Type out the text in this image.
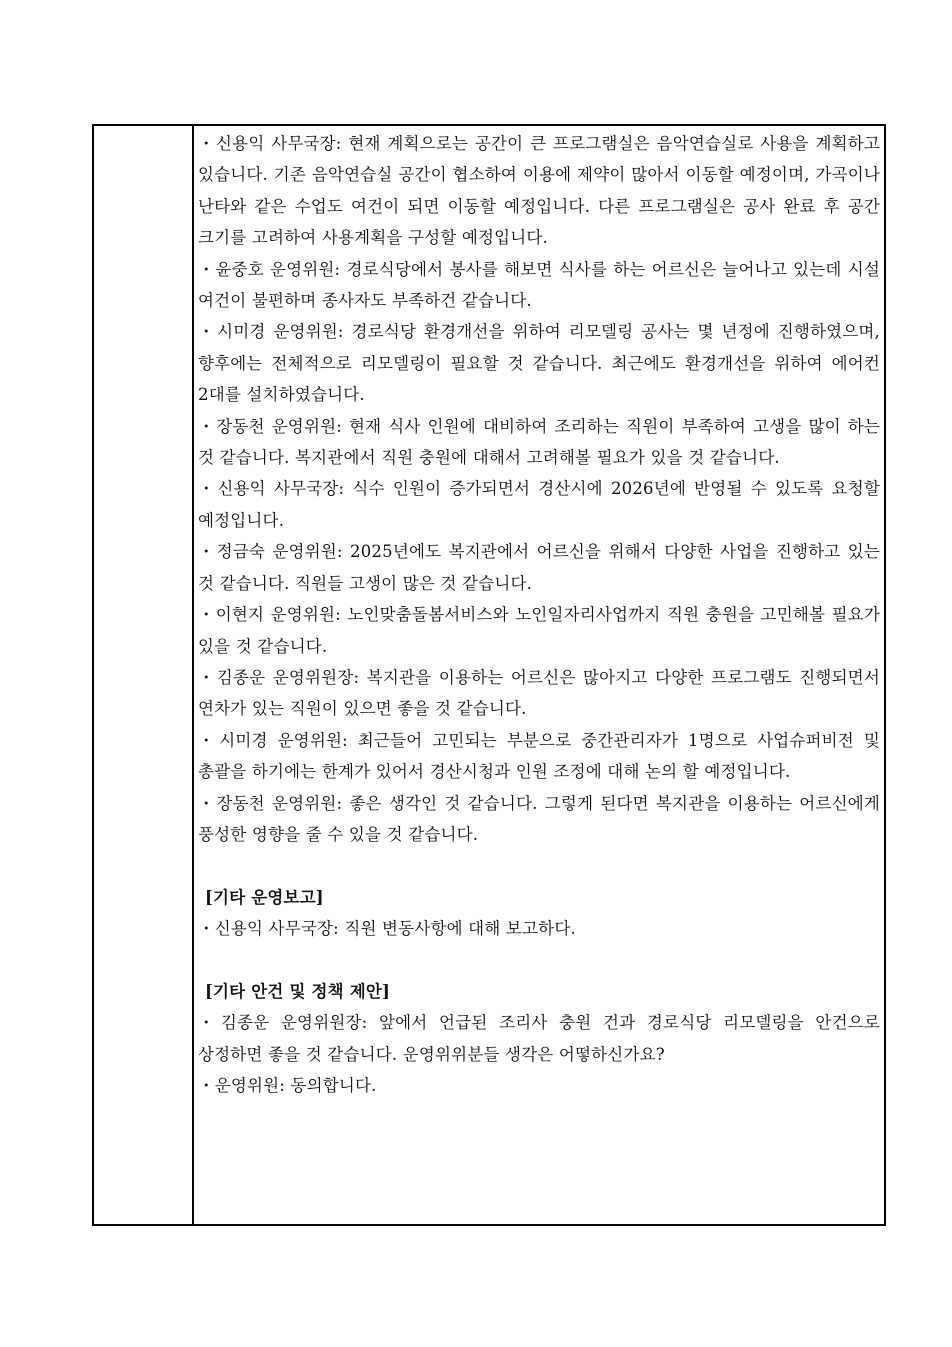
・신용익 사무국장: 현재 계획으로는 공간이 큰 프로그램실은 음악연습실로 사용을 계획하고 있습니다. 기존 음악연습실 공간이 협소하여 이용에 제약이 많아서 이동할 예정이며, 가곡이나 난타와 같은 수업도 여건이 되면 이동할 예정입니다. 다른 프로그램실은 공사 완료 후 공간 크기를 고려하여 사용계획을 구성할 예정입니다.

・윤중호 운영위원: 경로식당에서 봉사를 해보면 식사를 하는 어르신은 늘어나고 있는데 시설 여건이 불편하며 종사자도 부족하건 같습니다.

・시미경 운영위원: 경로식당 환경개선을 위하여 리모델링 공사는 몇 년정에 진행하였으며, 향후에는 전체적으로 리모델링이 필요할 것 같습니다. 최근에도 환경개선을 위하여 에어컨 2대를 설치하였습니다.

・장동천 운영위원: 현재 식사 인원에 대비하여 조리하는 직원이 부족하여 고생을 많이 하는 것 같습니다. 복지관에서 직원 충원에 대해서 고려해볼 필요가 있을 것 같습니다.

・신용익 사무국장: 식수 인원이 증가되면서 경산시에 2026년에 반영될 수 있도록 요청할 예정입니다.

・정금숙 운영위원: 2025년에도 복지관에서 어르신을 위해서 다양한 사업을 진행하고 있는 것 같습니다. 직원들 고생이 많은 것 같습니다.

・이현지 운영위원: 노인맞춤돌봄서비스와 노인일자리사업까지 직원 충원을 고민해볼 필요가 있을 것 같습니다.

・김종운 운영위원장: 복지관을 이용하는 어르신은 많아지고 다양한 프로그램도 진행되면서 연차가 있는 직원이 있으면 좋을 것 같습니다.

・시미경 운영위원: 최근들어 고민되는 부분으로 중간관리자가 1명으로 사업슈퍼비전 및 총괄을 하기에는 한계가 있어서 경산시청과 인원 조정에 대해 논의 할 예정입니다.

・장동천 운영위원: 좋은 생각인 것 같습니다. 그렇게 된다면 복지관을 이용하는 어르신에게 풍성한 영향을 줄 수 있을 것 같습니다.

[기타 운영보고]

・신용익 사무국장: 직원 변동사항에 대해 보고하다.

[기타 안건 및 정책 제안]

・김종운 운영위원장: 앞에서 언급된 조리사 충원 건과 경로식당 리모델링을 안건으로 상정하면 좋을 것 같습니다. 운영위위분들 생각은 어떻하신가요?

・운영위원: 동의합니다.
